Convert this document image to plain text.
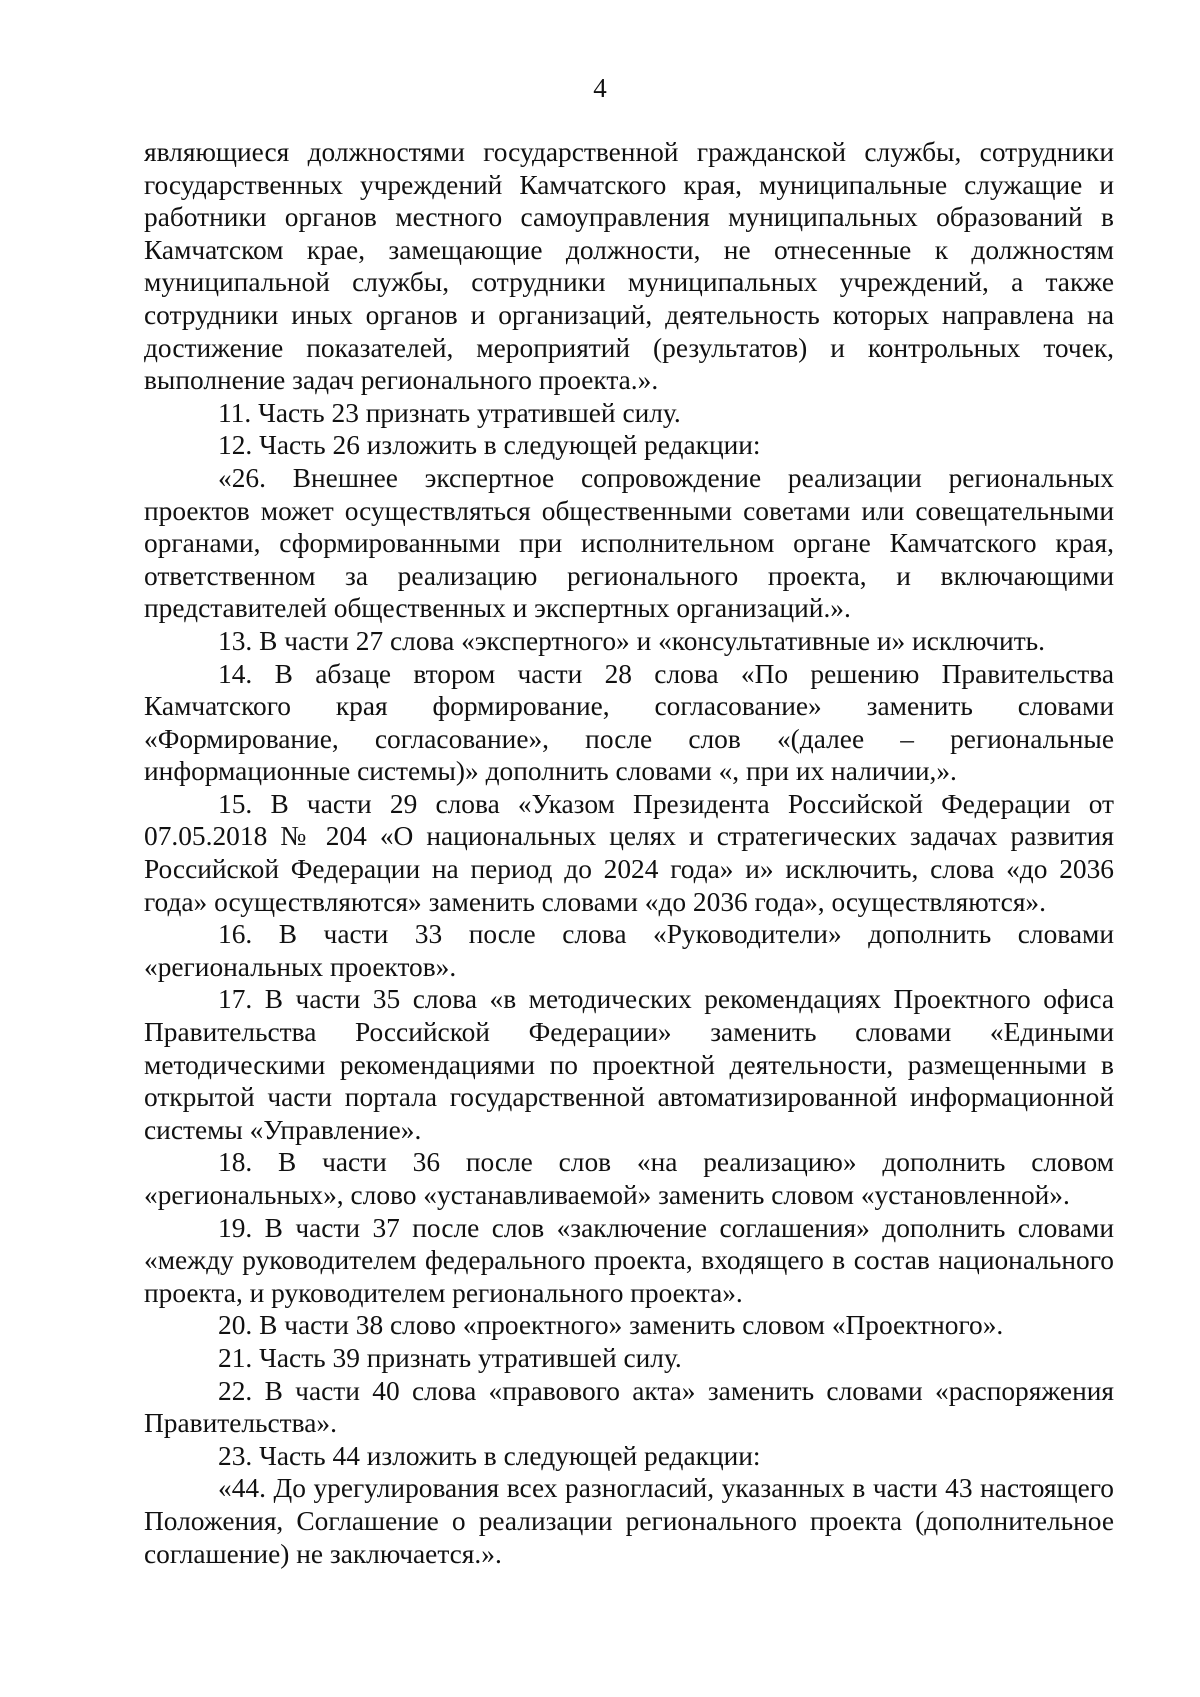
4

являющиеся должностями государственной гражданской службы, сотрудники государственных учреждений Камчатского края, муниципальные служащие и работники органов местного самоуправления муниципальных образований в Камчатском крае, замещающие должности, не отнесенные к должностям муниципальной службы, сотрудники муниципальных учреждений, а также сотрудники иных органов и организаций, деятельность которых направлена на достижение показателей, мероприятий (результатов) и контрольных точек, выполнение задач регионального проекта.».

11. Часть 23 признать утратившей силу.

12. Часть 26 изложить в следующей редакции:

«26. Внешнее экспертное сопровождение реализации региональных проектов может осуществляться общественными советами или совещательными органами, сформированными при исполнительном органе Камчатского края, ответственном за реализацию регионального проекта, и включающими представителей общественных и экспертных организаций.».

13. В части 27 слова «экспертного» и «консультативные и» исключить.

14. В абзаце втором части 28 слова «По решению Правительства Камчатского края формирование, согласование» заменить словами «Формирование, согласование», после слов «(далее – региональные информационные системы)» дополнить словами «, при их наличии,».

15. В части 29 слова «Указом Президента Российской Федерации от 07.05.2018 № 204 «О национальных целях и стратегических задачах развития Российской Федерации на период до 2024 года» и» исключить, слова «до 2036 года» осуществляются» заменить словами «до 2036 года», осуществляются».

16. В части 33 после слова «Руководители» дополнить словами «региональных проектов».

17. В части 35 слова «в методических рекомендациях Проектного офиса Правительства Российской Федерации» заменить словами «Едиными методическими рекомендациями по проектной деятельности, размещенными в открытой части портала государственной автоматизированной информационной системы «Управление».

18. В части 36 после слов «на реализацию» дополнить словом «региональных», слово «устанавливаемой» заменить словом «установленной».

19. В части 37 после слов «заключение соглашения» дополнить словами «между руководителем федерального проекта, входящего в состав национального проекта, и руководителем регионального проекта».

20. В части 38 слово «проектного» заменить словом «Проектного».

21. Часть 39 признать утратившей силу.

22. В части 40 слова «правового акта» заменить словами «распоряжения Правительства».

23. Часть 44 изложить в следующей редакции:

«44. До урегулирования всех разногласий, указанных в части 43 настоящего Положения, Соглашение о реализации регионального проекта (дополнительное соглашение) не заключается.».
